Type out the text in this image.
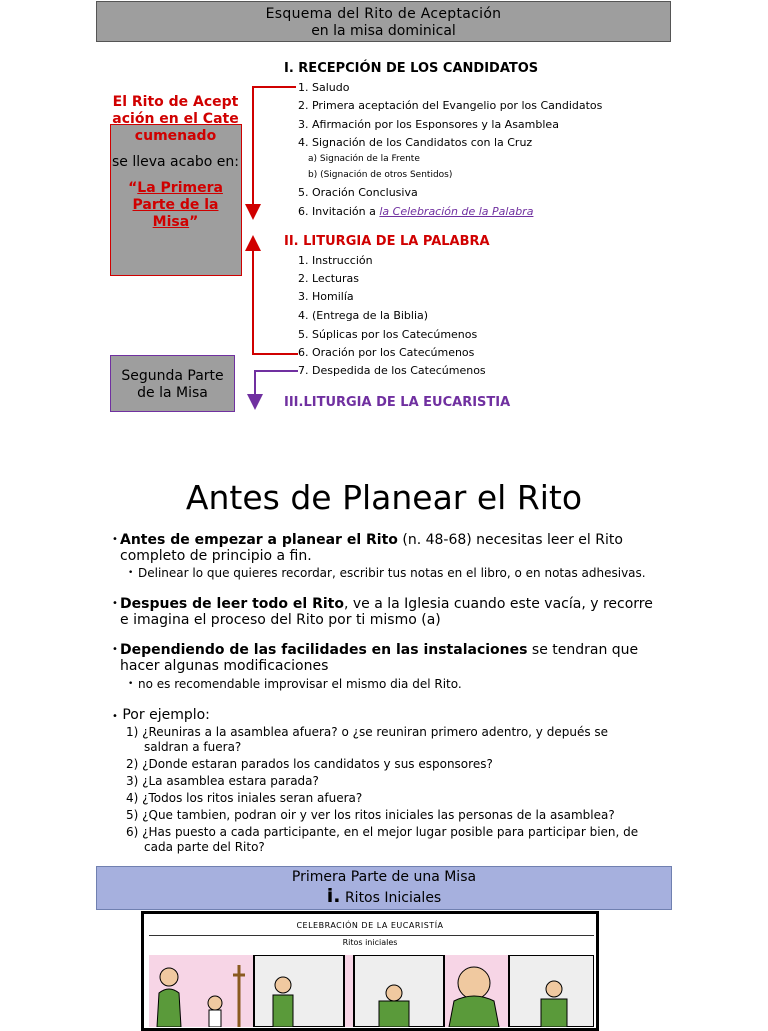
Esquema del Rito de Aceptación
en la misa dominical
I. RECEPCIÓN DE LOS CANDIDATOS
1. Saludo
2. Primera aceptación del Evangelio por los Candidatos
3. Afirmación por los Esponsores y la Asamblea
4. Signación de los Candidatos con la Cruz
a) Signación de la Frente
b) (Signación de otros Sentidos)
5. Oración Conclusiva
6. Invitación a la Celebración de la Palabra
II. LITURGIA DE LA PALABRA
1. Instrucción
2. Lecturas
3. Homilía
4. (Entrega de la Biblia)
5. Súplicas por los Catecúmenos
6. Oración por los Catecúmenos
7. Despedida de los Catecúmenos
III.LITURGIA DE LA EUCARISTIA
El Rito de Aceptación en el Catecumenado
se lleva acabo en:
“La Primera Parte de la Misa”
Segunda Parte de la Misa
Antes de Planear el Rito
• Antes de empezar a planear el Rito (n. 48-68) necesitas leer el Rito completo de principio a fin.
• Delinear lo que quieres recordar, escribir tus notas en el libro, o en notas adhesivas.
• Despues de leer todo el Rito, ve a la Iglesia cuando este vacía, y recorre e imagina el proceso del Rito por ti mismo (a)
• Dependiendo de las facilidades en las instalaciones se tendran que hacer algunas modificaciones
• no es recomendable improvisar el mismo dia del Rito.
• Por ejemplo:
1) ¿Reuniras a la asamblea afuera? o ¿se reuniran primero adentro, y depués se saldran a fuera?
2) ¿Donde estaran parados los candidatos y sus esponsores?
3) ¿La asamblea estara parada?
4) ¿Todos los ritos iniales seran afuera?
5) ¿Que tambien, podran oir y ver los ritos iniciales las personas de la asamblea?
6) ¿Has puesto a cada participante, en el mejor lugar posible para participar bien, de cada parte del Rito?
Primera Parte de una Misa
i. Ritos Iniciales
CELEBRACIÓN DE LA EUCARISTÍA
Ritos iniciales
